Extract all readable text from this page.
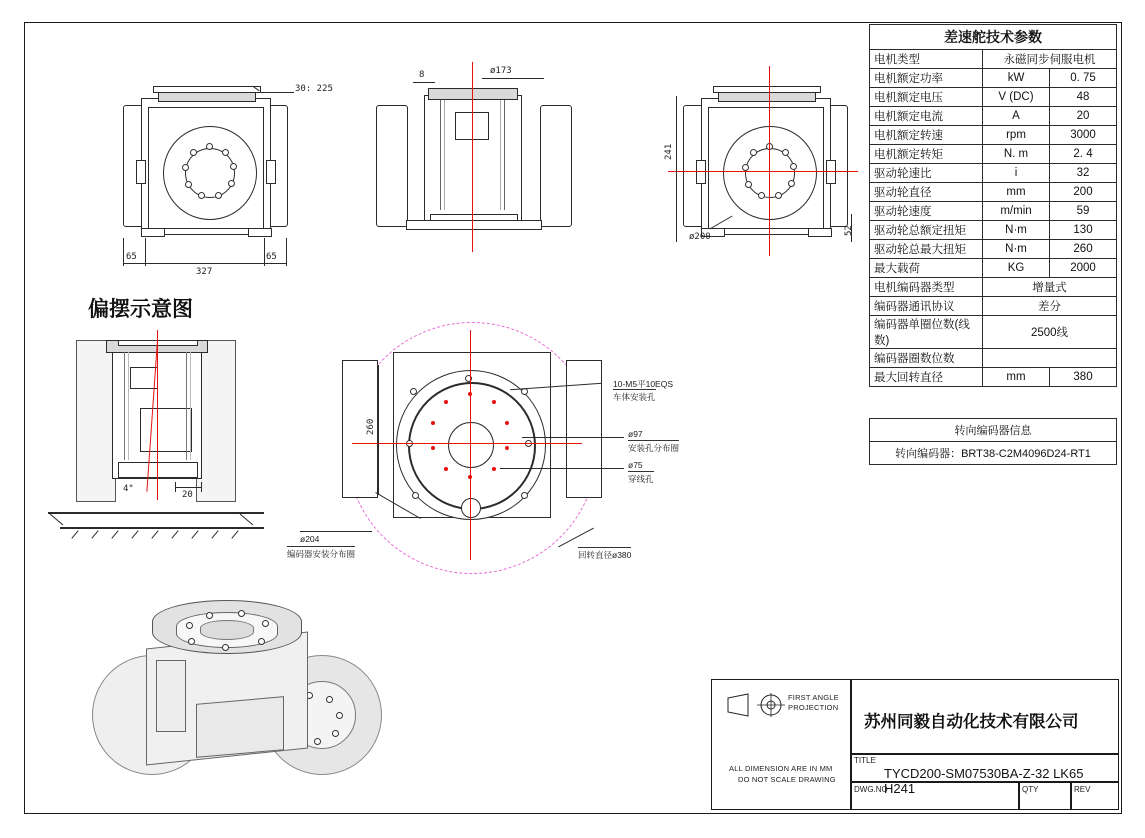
30: 225
65	65
327
ø173
8
241
52
ø200
偏摆示意图
4°
20
260
10-M5平10EQS
车体安装孔
ø97
安装孔分布圈
ø75
穿线孔
ø204
编码器安装分布圈	回转直径ø380
差速舵技术参数		
电机类型	永磁同步伺服电机	
电机额定功率	kW	0. 75
电机额定电压	V (DC)	48
电机额定电流	A	20
电机额定转速	rpm	3000
电机额定转矩	N. m	2. 4
驱动轮速比	i	32
驱动轮直径	mm	200
驱动轮速度	m/min	59
驱动轮总额定扭矩	N·m	130
驱动轮总最大扭矩	N·m	260
最大载荷	KG	2000
电机编码器类型	增量式	
编码器通讯协议	差分	
编码器单圈位数(线数)	2500线	
编码器圈数位数		
最大回转直径	mm	380
转向编码器信息
转向编码器：BRT38-C2M4096D24-RT1
FIRST ANGLE
PROJECTION
ALL DIMENSION ARE IN MM
DO NOT SCALE DRAWING
苏州同毅自动化技术有限公司
TITLE
TYCD200-SM07530BA-Z-32 LK65 H241
DWG.NO	QTY	REV
